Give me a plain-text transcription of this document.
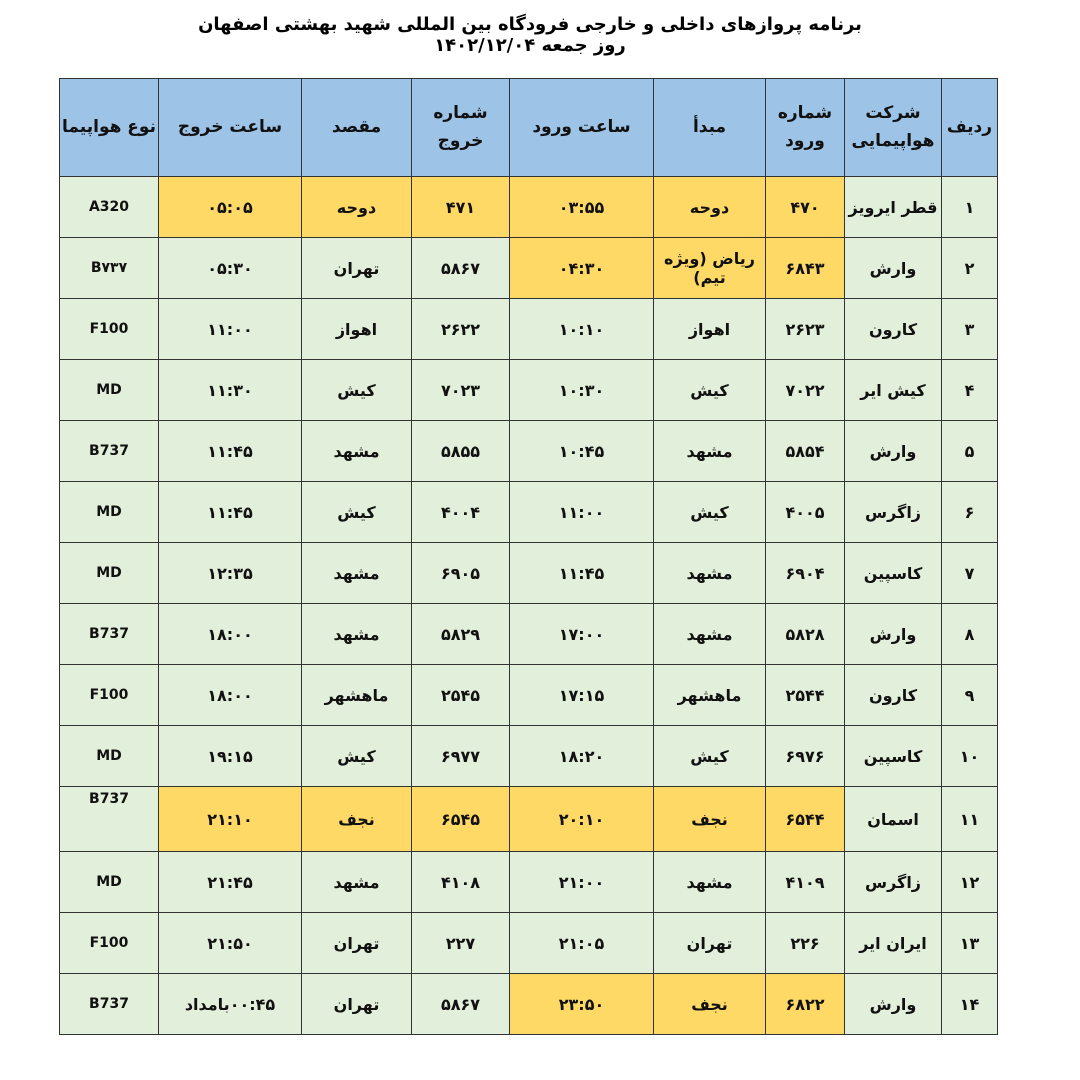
برنامه پروازهای داخلی و خارجی فرودگاه بین المللی شهید بهشتی اصفهان روز جمعه ۱۴۰۲/۱۲/۰۴
ردیف	شرکت هواپیمایی	شماره ورود	مبدأ	ساعت ورود	شماره خروج	مقصد	ساعت خروج	نوع هواپیما
۱	قطر ایرویز	۴۷۰	دوحه	۰۳:۵۵	۴۷۱	دوحه	۰۵:۰۵	A320
۲	وارش	۶۸۴۳	ریاض (ویژه تیم)	۰۴:۳۰	۵۸۶۷	تهران	۰۵:۳۰	B۷۳۷
۳	کارون	۲۶۲۳	اهواز	۱۰:۱۰	۲۶۲۲	اهواز	۱۱:۰۰	F100
۴	کیش ایر	۷۰۲۲	کیش	۱۰:۳۰	۷۰۲۳	کیش	۱۱:۳۰	MD
۵	وارش	۵۸۵۴	مشهد	۱۰:۴۵	۵۸۵۵	مشهد	۱۱:۴۵	B737
۶	زاگرس	۴۰۰۵	کیش	۱۱:۰۰	۴۰۰۴	کیش	۱۱:۴۵	MD
۷	کاسپین	۶۹۰۴	مشهد	۱۱:۴۵	۶۹۰۵	مشهد	۱۲:۳۵	MD
۸	وارش	۵۸۲۸	مشهد	۱۷:۰۰	۵۸۲۹	مشهد	۱۸:۰۰	B737
۹	کارون	۲۵۴۴	ماهشهر	۱۷:۱۵	۲۵۴۵	ماهشهر	۱۸:۰۰	F100
۱۰	کاسپین	۶۹۷۶	کیش	۱۸:۲۰	۶۹۷۷	کیش	۱۹:۱۵	MD
۱۱	اسمان	۶۵۴۴	نجف	۲۰:۱۰	۶۵۴۵	نجف	۲۱:۱۰	B737
۱۲	زاگرس	۴۱۰۹	مشهد	۲۱:۰۰	۴۱۰۸	مشهد	۲۱:۴۵	MD
۱۳	ایران ایر	۲۲۶	تهران	۲۱:۰۵	۲۲۷	تهران	۲۱:۵۰	F100
۱۴	وارش	۶۸۲۲	نجف	۲۳:۵۰	۵۸۶۷	تهران	۰۰:۴۵بامداد	B737
